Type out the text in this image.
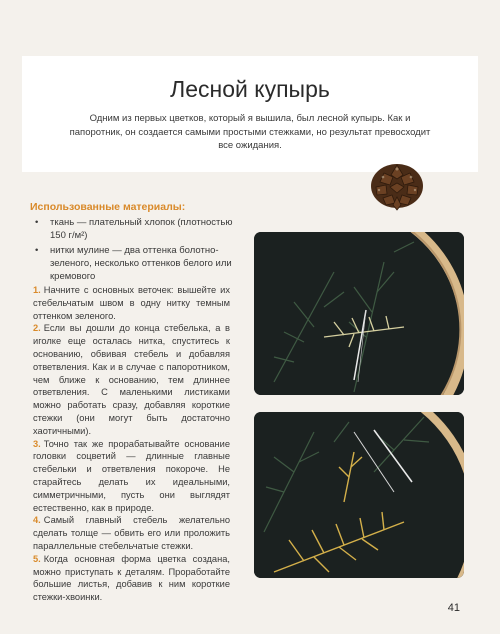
Лесной купырь
Одним из первых цветков, который я вышила, был лесной купырь. Как и папоротник, он создается самыми простыми стежками, но результат превосходит все ожидания.
Использованные материалы:
• ткань — плательный хлопок (плотностью 150 г/м²)
• нитки мулине — два оттенка болотно-зеленого, несколько оттенков белого или кремового
1. Начните с основных веточек: вышейте их стебельчатым швом в одну нитку темным оттенком зеленого.
2. Если вы дошли до конца стебелька, а в иголке еще осталась нитка, спуститесь к основанию, обвивая стебель и добавляя ответвления. Как и в случае с папоротником, чем ближе к основанию, тем длиннее ответвления. С маленькими листиками можно работать сразу, добавляя короткие стежки (они могут быть достаточно хаотичными).
3. Точно так же прорабатывайте основание головки соцветий — длинные главные стебельки и ответвления покороче. Не старайтесь делать их идеальными, симметричными, пусть они выглядят естественно, как в природе.
4. Самый главный стебель желательно сделать толще — обвить его или проложить параллельные стебельчатые стежки.
5. Когда основная форма цветка создана, можно приступать к деталям. Проработайте большие листья, добавив к ним короткие стежки-хвоинки.
41
